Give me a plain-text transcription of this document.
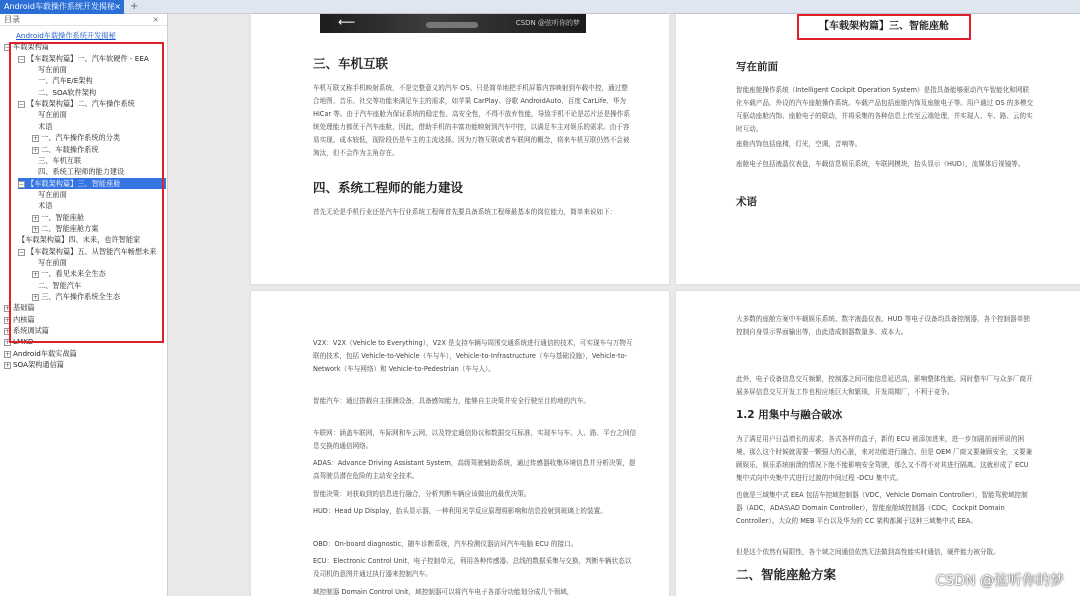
Android车载操作系统开发揭秘 × +
目录	×
Android车载操作系统开发揭秘
− 车载架构篇
− 【车载架构篇】一、汽车软硬件 - EEA
写在前面
一、汽车E/E架构
二、SOA软件架构
− 【车载架构篇】二、汽车操作系统
写在前面
术语
+ 一、汽车操作系统的分类
+ 二、车载操作系统
三、车机互联
四、系统工程师的能力建设
− 【车载架构篇】三、智能座舱
写在前面
术语
+ 一、智能座舱
+ 二、智能座舱方案
【车载架构篇】四、未来，也许智能家
− 【车载架构篇】五、从智能汽车畅想未来
写在前面
+ 一、看见未来全生态
二、智能汽车
+ 三、汽车操作系统全生态
+ 基础篇
+ 内核篇
+ 系统调试篇
+ LMKD
+ Android车载实战篇
+ SOA架构通信篇
⟵	CSDN @弦听你的梦
三、车机互联
车机互联又称手机映射系统，不是完整意义的汽车 OS。只是简单地把手机屏幕内容映射到车载中控，通过整合地图、音乐、社交等功能来满足车主的需求，如苹果 CarPlay、谷歌 AndroidAuto、百度 CarLife、华为 HiCar 等。由于汽车座舱为保证系统的稳定性、高安全性，不得不放弃性能，导致手机不论是芯片还是操作系统处理能力都优于汽车座舱，因此，借助手机的丰富功能映射到汽车中控，以满足车主对娱乐的需求。由于容易实现、成本较低，现阶段仍是车主的主流选择。因为万物互联或者车联网的概念，将来车机互联仍然不会被淘汰，但不会作为主角存在。
四、系统工程师的能力建设
首先无论是手机行业还是汽车行业系统工程师首先要具备系统工程师最基本的岗位能力，简单来说如下：
【车载架构篇】三、智能座舱
写在前面
智能座舱操作系统（Intelligent Cockpit Operation System）是指具备能够驱动汽车智能化和网联化车载产品，外设的汽车座舱操作系统。车载产品包括座舱内饰及座舱电子等。用户通过 OS 的多模交互驱动座舱内饰、座舱电子的联动，并将采集的各种信息上传至云端处理，并实现人、车、路、云的实时互动。
座舱内饰包括座椅，灯光，空调，音响等。
座舱电子包括液晶仪表盘，车载信息娱乐系统，车联网模块，抬头显示（HUD），流媒体后视镜等。
术语
V2X：V2X（Vehicle to Everything），V2X 是支持车辆与周围交通系统进行通信的技术，可实现车与万物互联的技术，包括 Vehicle-to-Vehicle（车与车），Vehicle-to-Infrastructure（车与基础设施），Vehicle-to-Network（车与网络）和 Vehicle-to-Pedestrian（车与人）。
智能汽车：通过搭载自主探测设备，具备感知能力，能够自主决策并安全行驶至目的地的汽车。
车联网：涵盖车联网，车际网和车云网，以及特定通信协议和数据交互标准，实现车与车、人、路、平台之间信息交换的通信网络。
ADAS：Advance Driving Assistant System，高级驾驶辅助系统，通过传感器收集环境信息并分析决策，提高驾驶员潜在危险的主动安全技术。
智能决策：对获取到的信息进行融合，分析判断车辆应该做出的最优决策。
HUD：Head Up Display，抬头显示器，一种利用光学反应原理将影响和信息投射到玻璃上的装置。
OBD：On-board diagnostic，随车诊断系统，汽车检测仪器访问汽车电脑 ECU 的接口。
ECU：Electronic Control Unit，电子控制单元，利用各种传感器、总线的数据采集与交换，判断车辆状态以及司机的意图并通过执行器来控制汽车。
域控制器 Domain Control Unit，域控制器可以将汽车电子各部分功能划分成几个领域，
大多数的座舱方案中车载娱乐系统、数字液晶仪表、HUD 等电子设备均具备控制器，各个控制器单独控制自身显示界面输出等，由此造成制器数量多、成本大。
此外，电子设备信息交互频繁，控制器之间可能信息延迟高，影响整体性能。同时整车厂与众多厂商开展多屏信息交互开发工作也相应地巨大和繁琐，开发周期厂，不利于竞争。
1.2 用集中与融合破冰
为了满足用户日益增长的需求，各式各样的盒子，新的 ECU 被添加进来，进一步加剧前面所说的困境。那么这个时候就需要一颗强大的心脏，来对功能进行融合。但是 OEM 厂商又要兼顾安全，又要兼顾娱乐，娱乐系统崩溃的情况下绝不能影响安全驾驶，那么又不得不对其进行隔离。这就形成了 ECU 集中式向中央集中式进行过渡的中间过程 -DCU 集中式。
也就是三域集中式 EEA 包括车控域控制器（VDC，Vehicle Domain Controller），智能驾驶域控制器（ADC，ADAS\AD Domain Controller），智能座舱域控制器（CDC，Cockpit Domain Controller）。大众的 MEB 平台以及华为的 CC 架构都属于这种三域集中式 EEA。
但是这个依然有局限性，各个域之间通信依然无法做到高性能实时通信，硬件能力被分散。
二、智能座舱方案	CSDN @弦听你的梦
